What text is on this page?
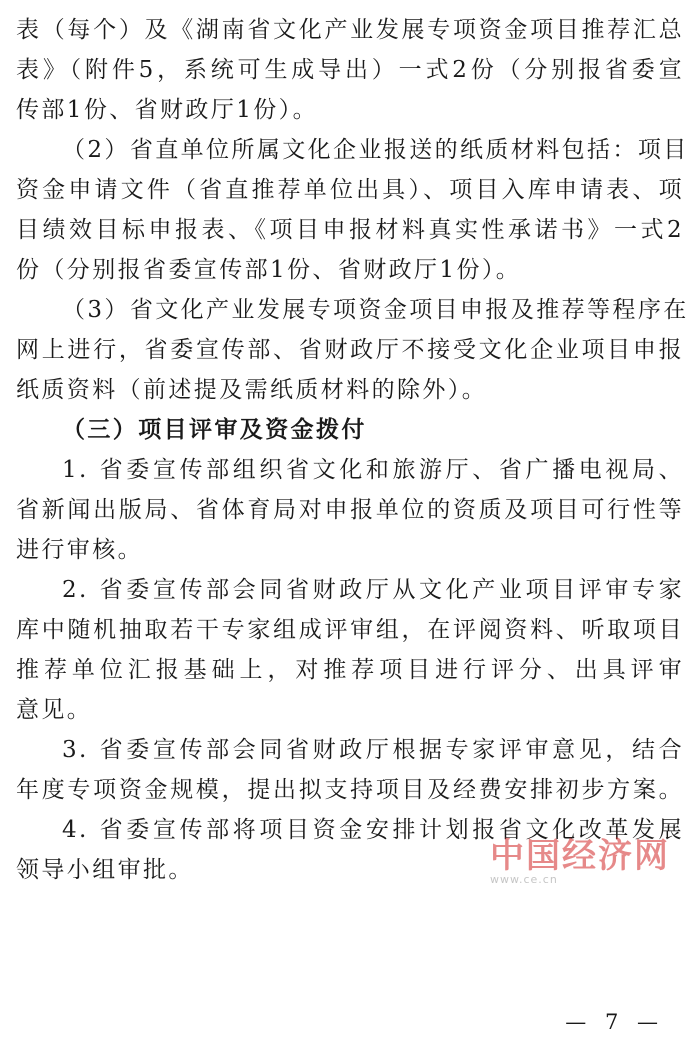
表（每个）及《湖南省文化产业发展专项资金项目推荐汇总
表》（附件5，系统可生成导出）一式2份（分别报省委宣
传部1份、省财政厅1份）。
（2）省直单位所属文化企业报送的纸质材料包括：项目
资金申请文件（省直推荐单位出具）、项目入库申请表、项
目绩效目标申报表、《项目申报材料真实性承诺书》一式2
份（分别报省委宣传部1份、省财政厅1份）。
（3）省文化产业发展专项资金项目申报及推荐等程序在
网上进行，省委宣传部、省财政厅不接受文化企业项目申报
纸质资料（前述提及需纸质材料的除外）。
（三）项目评审及资金拨付
1. 省委宣传部组织省文化和旅游厅、省广播电视局、
省新闻出版局、省体育局对申报单位的资质及项目可行性等
进行审核。
2. 省委宣传部会同省财政厅从文化产业项目评审专家
库中随机抽取若干专家组成评审组，在评阅资料、听取项目
推荐单位汇报基础上，对推荐项目进行评分、出具评审
意见。
3. 省委宣传部会同省财政厅根据专家评审意见，结合
年度专项资金规模，提出拟支持项目及经费安排初步方案。
4. 省委宣传部将项目资金安排计划报省文化改革发展
领导小组审批。	中国经济网
www.ce.cn
— 7 —
